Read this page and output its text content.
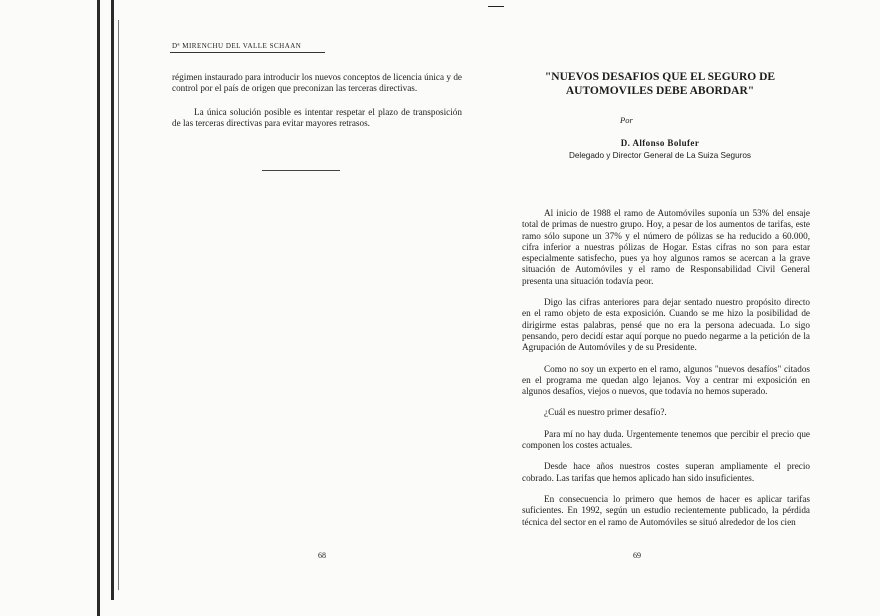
Dª MIRENCHU DEL VALLE SCHAAN

régimen instaurado para introducir los nuevos conceptos de licencia única y de control por el país de origen que preconizan las terceras directivas.

La única solución posible es intentar respetar el plazo de transposición de las terceras directivas para evitar mayores retrasos.

68
"NUEVOS DESAFIOS QUE EL SEGURO DE AUTOMOVILES DEBE ABORDAR"
Por
D. Alfonso Bolufer
Delegado y Director General de La Suiza Seguros

Al inicio de 1988 el ramo de Automóviles suponía un 53% del ensaje total de primas de nuestro grupo. Hoy, a pesar de los aumentos de tarifas, este ramo sólo supone un 37% y el número de pólizas se ha reducido a 60.000, cifra inferior a nuestras pólizas de Hogar. Estas cifras no son para estar especialmente satisfecho, pues ya hoy algunos ramos se acercan a la grave situación de Automóviles y el ramo de Responsabilidad Civil General presenta una situación todavía peor.

Digo las cifras anteriores para dejar sentado nuestro propósito directo en el ramo objeto de esta exposición. Cuando se me hizo la posibilidad de dirigirme estas palabras, pensé que no era la persona adecuada. Lo sigo pensando, pero decidí estar aquí porque no puedo negarme a la petición de la Agrupación de Automóviles y de su Presidente.

Como no soy un experto en el ramo, algunos "nuevos desafíos" citados en el programa me quedan algo lejanos. Voy a centrar mi exposición en algunos desafíos, viejos o nuevos, que todavía no hemos superado.

¿Cuál es nuestro primer desafío?.

Para mí no hay duda. Urgentemente tenemos que percibir el precio que componen los costes actuales.

Desde hace años nuestros costes superan ampliamente el precio cobrado. Las tarifas que hemos aplicado han sido insuficientes.

En consecuencia lo primero que hemos de hacer es aplicar tarifas suficientes. En 1992, según un estudio recientemente publicado, la pérdida técnica del sector en el ramo de Automóviles se situó alrededor de los cien

69
